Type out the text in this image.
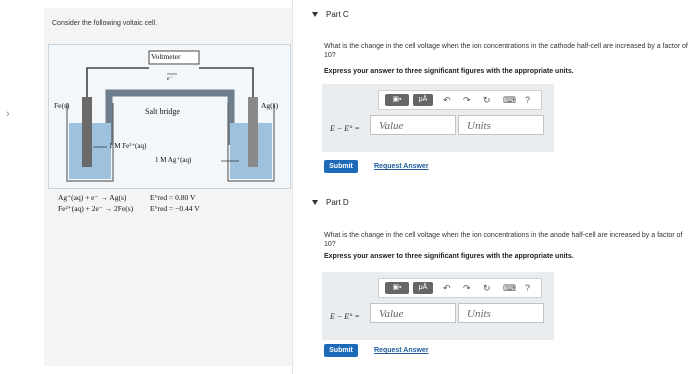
›
Consider the following voltaic cell.
Voltmeter
e⁻
Fe(s)	Ag(s)
Salt bridge
1 M Fe²⁺(aq)
1 M Ag⁺(aq)
Ag⁺(aq) + e⁻ → Ag(s)	E°red = 0.80 V
Fe²⁺(aq) + 2e⁻ → 2Fe(s) E°red = −0.44 V
Part C
What is the change in the cell voltage when the ion concentrations in the cathode half-cell are increased by a factor of 10?
Express your answer to three significant figures with the appropriate units.
▣▪	μÅ	↶ ↷ ↻ ⌨ ?
E − E° =	Value	Units
Submit	Request Answer
Part D
What is the change in the cell voltage when the ion concentrations in the anode half-cell are increased by a factor of 10?
Express your answer to three significant figures with the appropriate units.
▣▪	μÅ	↶ ↷ ↻ ⌨ ?
E − E° =	Value	Units
Submit	Request Answer
